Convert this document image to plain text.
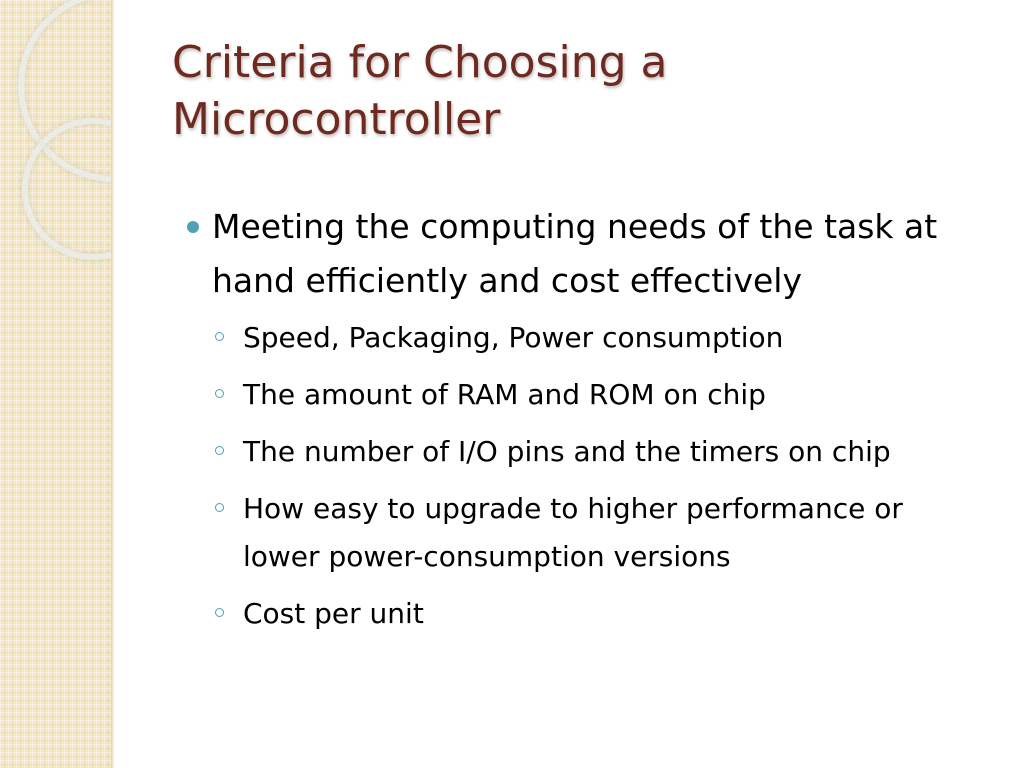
Criteria for Choosing a Microcontroller
Meeting the computing needs of the task at hand efficiently and cost effectively
Speed, Packaging, Power consumption
The amount of RAM and ROM on chip
The number of I/O pins and the timers on chip
How easy to upgrade to higher performance or lower power-consumption versions
Cost per unit
